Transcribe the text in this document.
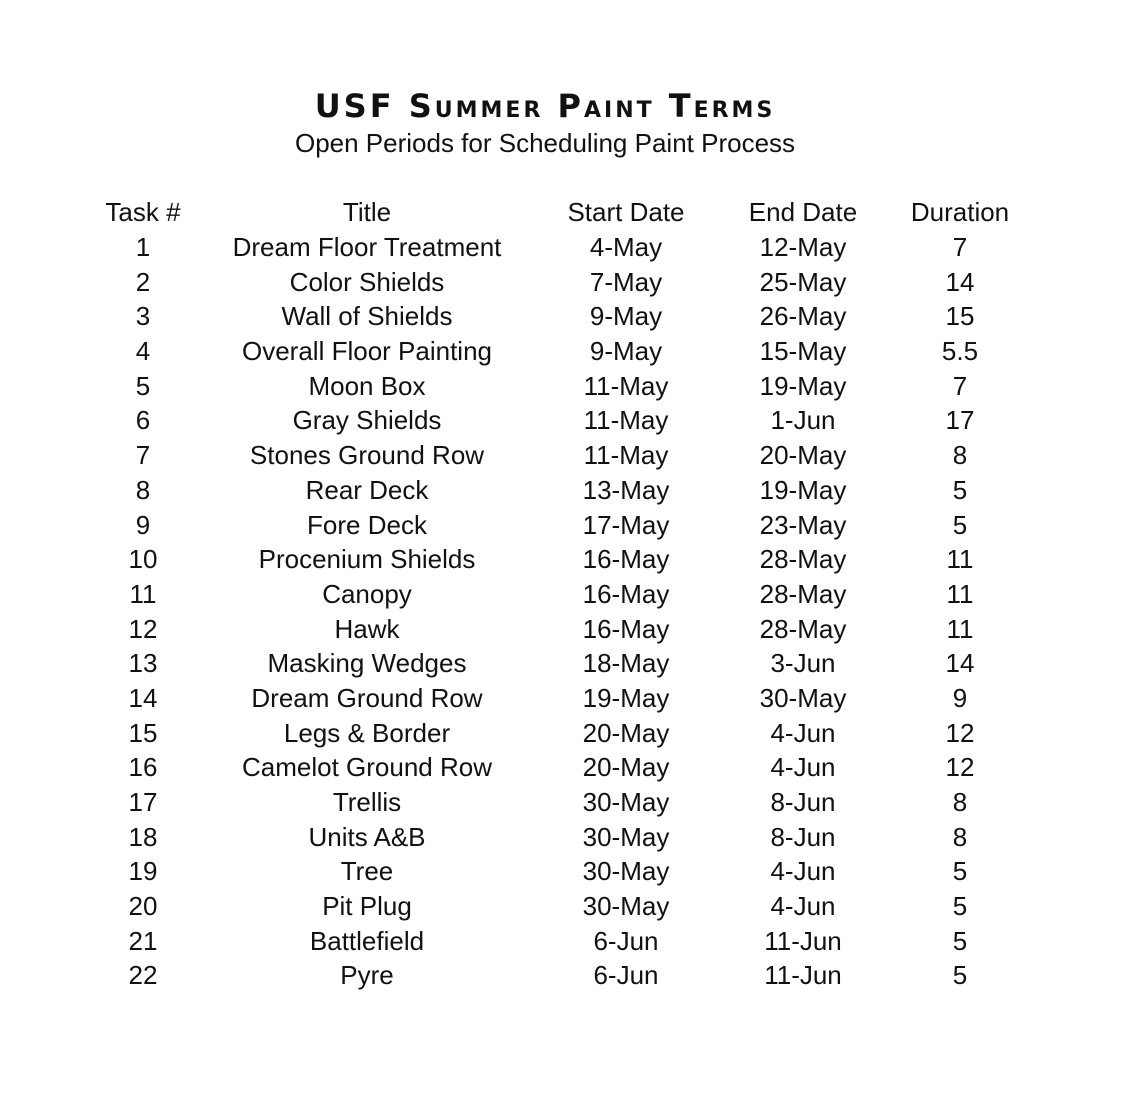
USF Summer Paint Terms

Open Periods for Scheduling Paint Process

Task #	Title	Start Date	End Date	Duration
1	Dream Floor Treatment	4-May	12-May	7
2	Color Shields	7-May	25-May	14
3	Wall of Shields	9-May	26-May	15
4	Overall Floor Painting	9-May	15-May	5.5
5	Moon Box	11-May	19-May	7
6	Gray Shields	11-May	1-Jun	17
7	Stones Ground Row	11-May	20-May	8
8	Rear Deck	13-May	19-May	5
9	Fore Deck	17-May	23-May	5
10	Procenium Shields	16-May	28-May	11
11	Canopy	16-May	28-May	11
12	Hawk	16-May	28-May	11
13	Masking Wedges	18-May	3-Jun	14
14	Dream Ground Row	19-May	30-May	9
15	Legs & Border	20-May	4-Jun	12
16	Camelot Ground Row	20-May	4-Jun	12
17	Trellis	30-May	8-Jun	8
18	Units A&B	30-May	8-Jun	8
19	Tree	30-May	4-Jun	5
20	Pit Plug	30-May	4-Jun	5
21	Battlefield	6-Jun	11-Jun	5
22	Pyre	6-Jun	11-Jun	5
